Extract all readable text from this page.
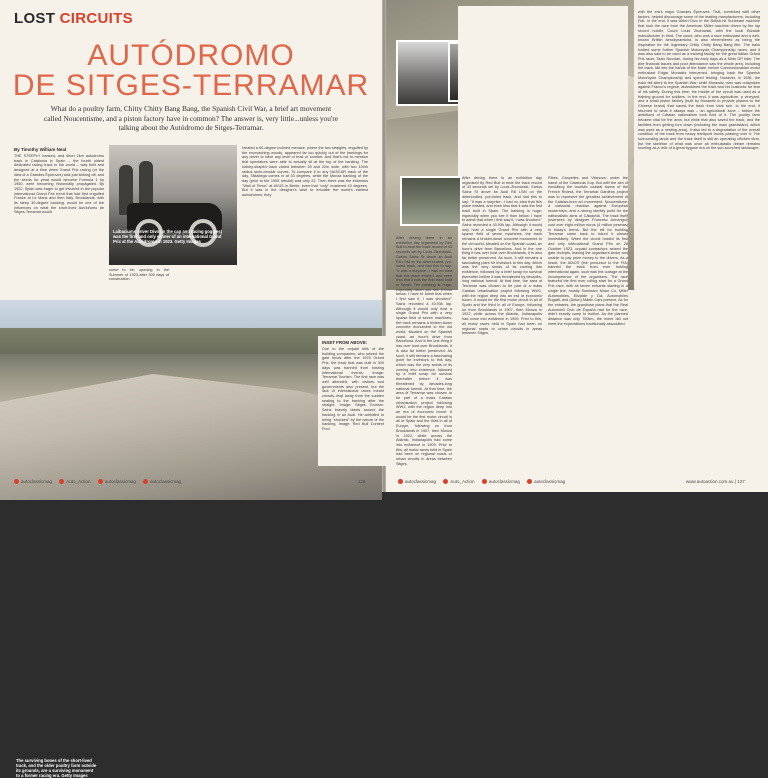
LOST CIRCUITS
AUTÓDROMO
DE SITGES-TERRAMAR
What do a poultry farm, Chitty Chitty Bang Bang, the Spanish Civil War, a brief art movement called Noucentisme, and a piston factory have in common? The answer is, very little...unless you're talking about the Autódromo de Sitges-Terramar.
By Timothy William Neal
THE STEEPLY banked, and short 2km autodromo track in Catalonia in Spain – the fourth oldest dedicated racing track in the world – was built and designed at a time when Grand Prix racing (or the idea of a Grandes Épreuves) was just kicking off, and the seeds for what would become Formula 1 by 1950, were becoming historically propagated. By 1922, Spain was eager to get involved in the popular international Grand Prix trend that had first engulfed France at Le Mans and then Italy. Brooklands, with its steep 30-degree banking, would be one of the influences on what the short-lived Autódromo de Sitges-Terramar would
Laibaciums driver Divo (in the cap and racing goggles) was the first and only winner of an international Grand Prix at the Autódromo in 1923. Getty Images
come to be, opening in the Summer of 1923 after 300 days of construction.
created a 60-degree inclined menace, where the two straights, engulfed by the encroaching woods, appeared far too quickly out of the bankings for any driver to have any level of trust or comfort. And that's not to mention that spectators were able to actually sit at the top of the banking. The kidney-shaped track varied between 18 and 22m wide, with two 100m radius semi-circular curves. To compare it to any NASCAR track of the day, Talladega comes in at 33 degrees, while the Monza banking of the day (prior to the 1955 rebuild) was only 22. Then there was the infamous "Wall of Terror" at AVUS in Berlin, even that "only" mustered 43 degrees. But it was in the designer's wish to emulate the world's earliest autodromes, they
The surviving bones of the short-lived track, and the older poultry farm outside its grounds, are a surviving monument to a former racing era. Getty Images
autoclassicmag	Auto_Action	autoclassicmag	autoclassicmag	126
After driving there in an exhibition day organised by Red Bull to beat the track record of 43 seconds set by Louis Zborowski, Carlos Sainz Sr drove an Audi R8 LSM on the deteriorated, pot-holed track, and had this to say: "It was a surprise...I had no idea that this place existed, and even less that it was the first track built in Spain. The banking is huge, especially when you see it from below. I have to admit that when I first saw it, I was shocked." Sainz recorded a 43.93s lap. Although it would only host a single Grand Prix with a very sparse field of seven machines, the track remains a broken-down concrete monument to the old world, situated on the Spanish coast, an hour's drive from Barcelona. And in the one thing it has over host over Brooklands, it is also far better preserved. As such, it still remains a fascinating point for investors to this day, which was the very seeds of its coming into existence, followed by a brief scrap for survival thereafter before it was threatened by decades-long national turmoil. At that time, the area of Terramar was chosen to be part of a mass Catalan urbanisation project following WW1, with the region deep into an era of economic boom. It would be the first motor circuit in all of Spain and the third in all of Europe, following on from Brooklands in 1907, then Monza in 1922, while across the Atlantic, Indianapolis had come into existence in 1909. Prior to this, all motor races held in Spain had been on regional roads or urban circuits in areas between Sitges,
After driving there in an exhibition day organised by Red Bull to beat the track record of 43 seconds set by Louis Zborowski, Carlos Sainz Sr drove an Audi R8 LSM on the deteriorated, pot-holed track, and had this to say: "It was a surprise...I had no idea that this place existed, and even less that it was the first track built in Spain. The banking is huge, especially when you see it from below. I have to admit that when I first saw it, I was shocked." Sainz recorded a 43.93s lap. Although it would only host a single Grand Prix with a very sparse field of seven machines, the track remains a broken-down concrete monument to the old world, situated on the Spanish coast, an hour's drive from Barcelona. And in the one thing it has over host over Brooklands, it is also far better preserved. As such, it still remains a fascinating point for investors to this day, which was the very seeds of its coming into existence, followed by a brief scrap for survival thereafter before it was threatened by decades-long national turmoil. At that time, the area of Terramar was chosen to be part of a mass Catalan urbanisation project following WW1, with the region deep into an era of economic boom. It would be the first motor circuit in all of Spain and the third in all of Europe, following on from Brooklands in 1907, then Monza in 1922, while across the Atlantic, Indianapolis had come into existence in 1909. Prior to this, all motor races held in Spain had been on regional roads or urban circuits in areas between Sitges,
Ribes, Canyelles and Vilanova, under the name of the Catalonia Cup. But with the aim of emulating the touristic coastal towns of the French Riviera, the Terramar Gardens project was to represent the greatest achievement of the Catalan-born art movement, Noucentisme: a classicist reaction against European modernism, and a strong identity point for the nationalistic aims of Catalonia. The track itself (oversees by designer Francesc Armengol) cost over eight million euros (4 million pesetas) in today's terms. But the bill for building Terramar came back to haunt it almost immediately. When the circuit hosted its first and only international Grand Prix on 28 October 1923, unpaid contractors seized the gate receipts, leaving the organisers broke and unable to pay prize money to the drivers. As a result, the AIACR (the precursor to the FIA) banned the track from ever hosting international again, such was the outrage at the incompetence of the organisers. The race featured the first ever rolling start for a Grand Prix race, with all seven entrants starting in a single line, mostly Sunbeam Motor Co, Miller Automobiles, Elizalde y Cia, Automobiles Bugatti, and (Anton) Martin Cars present. As for the entrants, the grandiose plans that the Real Automóvil Club de España had for the race, didn't exactly come to fruition. As the planned distance was only 700km, the event did not meet the expectations traditionally associated
with the era's major Grandes Épreuves. That, combined with other factors, helped discourage some of the leading manufacturers, including Fiat. In the end, it was Albert Divo in the British-hit Sunbeam machine that took the race from the American Miller machine driven by the lap record holder, Count Louis Zborowski, with the local Elizalde manufacturer in third. The count, who was a race enthusiast and a well-known British aerodynamicist, is also remembered as being the inspiration for the legendary Chitty Chitty Bang Bang film. The track hosted some further Spanish Motorcycle Championship races, and it was also said to be used as a training facility for the great Italian Grand Prix racer, Tazio Nuvolari, during his early days as a Moto GP rider. The dire financial issues and poor attendance saw the whole area, including the track, fall into the hands of the state, before Czechoslovakian motor enthusiast Edgar Morawitz intervened, bringing back the Spanish Motorcycle Championship and speed testing. However, in 1936, the track fell silent to the Spanish War, while Morawitz, who was outspoken against Franco's regime, abandoned the track and his business for fear of his safety. During this time, the middle of the circuit was used as a training ground for soldiers. In the end, it was agriculture, a vineyard, and a small piston factory (built by Morawitz to provide pistons to the Chinese brand) that saved the track from total ruin. In the end, it returned to what it always was – an agricultural zone – before the ambitions of Catalan nationalism took hold of it. The poultry farm became vital for the area, but while that also saved the track, and the facilities from getting torn down (including the main grandstand, which was used as a nesting area), it also led to a degradation of the overall condition of the track from heavy transport trucks passing over it. The surrounding lands and the track itself is still an operating chicken farm, but the skeleton of what was once an enthusiastic dream remains looming as a relic of a great bygone era on the sun-scorched landscape.
autoclassicmag	Auto_Action	autoclassicmag	autoclassicmag	www.autoaction.com.au | 127
INSET FROM ABOVE:
Due to the unpaid bills of the building companies, who seized the gate funds after the 1923 Grand Prix, the track that was built in 300 days was banned from hosting international events. Image: Terramar Tourism. The first race was well attended, with visitors and governments also present, but the lack of international races meant crowds drop away from the sudden seating to the banking after the straight. Image: Sitges Tourism. Sainz bravely blasts around the banking in an Audi. He admitted to being "shocked" by the nature of the banking. Image: Red Bull Content Pool
